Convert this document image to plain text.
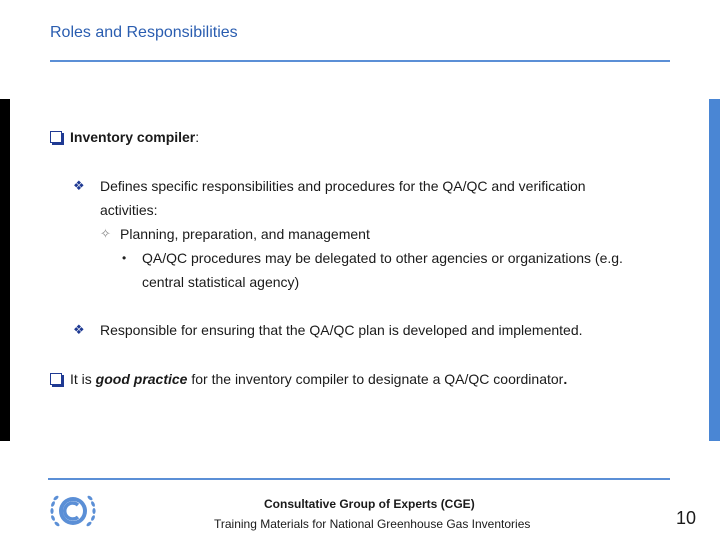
Roles and Responsibilities
Inventory compiler:
❖ Defines specific responsibilities and procedures for the QA/QC and verification
activities:
✧ Planning, preparation, and management
• QA/QC procedures may be delegated to other agencies or organizations (e.g.
central statistical agency)
❖ Responsible for ensuring that the QA/QC plan is developed and implemented.
It is good practice for the inventory compiler to designate a QA/QC coordinator.
Consultative Group of Experts (CGE)
Training Materials for National Greenhouse Gas Inventories	10
